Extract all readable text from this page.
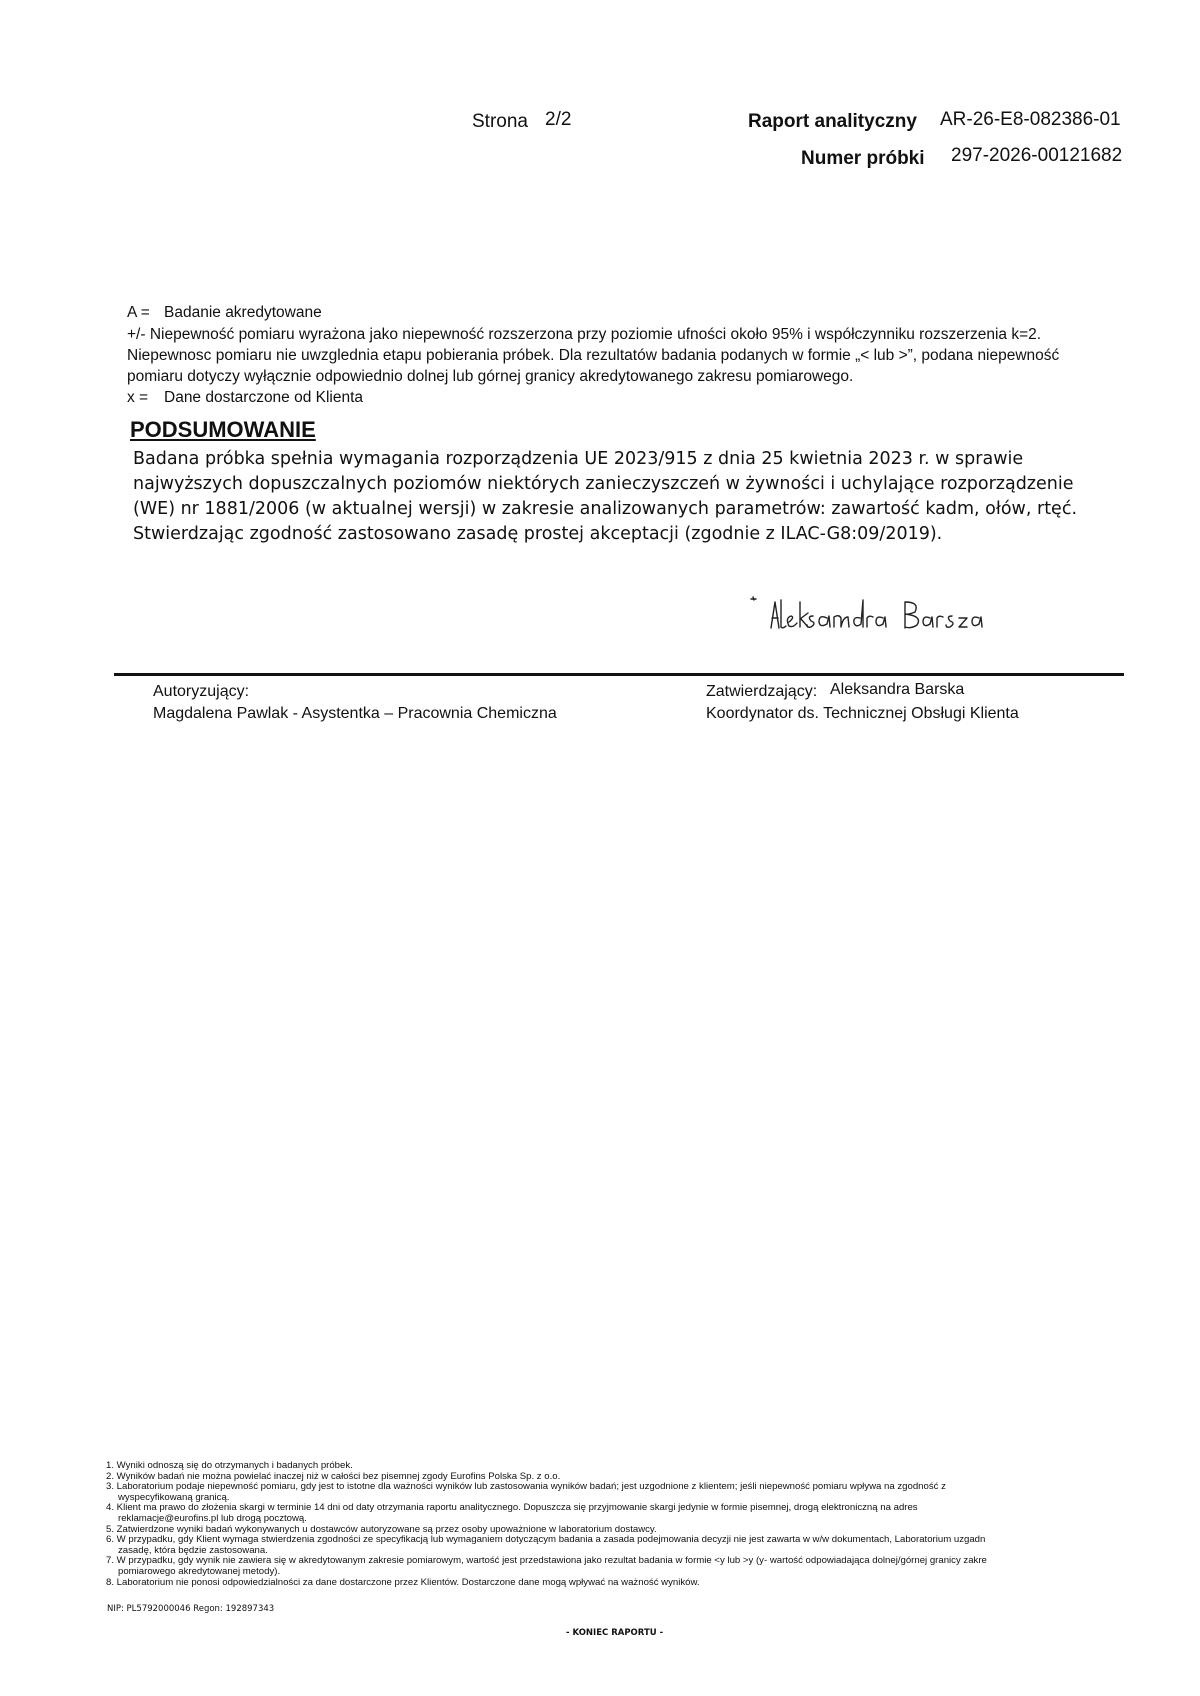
Strona 2/2	Raport analityczny AR-26-E8-082386-01
Numer próbki 297-2026-00121682
A = Badanie akredytowane
+/- Niepewność pomiaru wyrażona jako niepewność rozszerzona przy poziomie ufności około 95% i współczynniku rozszerzenia k=2.
Niepewnosc pomiaru nie uwzglednia etapu pobierania próbek. Dla rezultatów badania podanych w formie „< lub >”, podana niepewność
pomiaru dotyczy wyłącznie odpowiednio dolnej lub górnej granicy akredytowanego zakresu pomiarowego.
x = Dane dostarczone od Klienta
PODSUMOWANIE
Badana próbka spełnia wymagania rozporządzenia UE 2023/915 z dnia 25 kwietnia 2023 r. w sprawie najwyższych dopuszczalnych poziomów niektórych zanieczyszczeń w żywności i uchylające rozporządzenie (WE) nr 1881/2006 (w aktualnej wersji) w zakresie analizowanych parametrów: zawartość kadm, ołów, rtęć. Stwierdzając zgodność zastosowano zasadę prostej akceptacji (zgodnie z ILAC-G8:09/2019).
Autoryzujący:
Magdalena Pawlak - Asystentka – Pracownia Chemiczna
Zatwierdzający: Aleksandra Barska
Koordynator ds. Technicznej Obsługi Klienta
1. Wyniki odnoszą się do otrzymanych i badanych próbek.
2. Wyników badań nie można powielać inaczej niż w całości bez pisemnej zgody Eurofins Polska Sp. z o.o.
3. Laboratorium podaje niepewność pomiaru, gdy jest to istotne dla ważności wyników lub zastosowania wyników badań; jest uzgodnione z klientem; jeśli niepewność pomiaru wpływa na zgodność z
wyspecyfikowaną granicą.
4. Klient ma prawo do złożenia skargi w terminie 14 dni od daty otrzymania raportu analitycznego. Dopuszcza się przyjmowanie skargi jedynie w formie pisemnej, drogą elektroniczną na adres
reklamacje@eurofins.pl lub drogą pocztową.
5. Zatwierdzone wyniki badań wykonywanych u dostawców autoryzowane są przez osoby upoważnione w laboratorium dostawcy.
6. W przypadku, gdy Klient wymaga stwierdzenia zgodności ze specyfikacją lub wymaganiem dotyczącym badania a zasada podejmowania decyzji nie jest zawarta w w/w dokumentach, Laboratorium uzgadn
zasadę, która będzie zastosowana.
7. W przypadku, gdy wynik nie zawiera się w akredytowanym zakresie pomiarowym, wartość jest przedstawiona jako rezultat badania w formie <y lub >y (y- wartość odpowiadająca dolnej/górnej granicy zakre
pomiarowego akredytowanej metody).
8. Laboratorium nie ponosi odpowiedzialności za dane dostarczone przez Klientów. Dostarczone dane mogą wpływać na ważność wyników.
NIP: PL5792000046 Regon: 192897343
- KONIEC RAPORTU -
